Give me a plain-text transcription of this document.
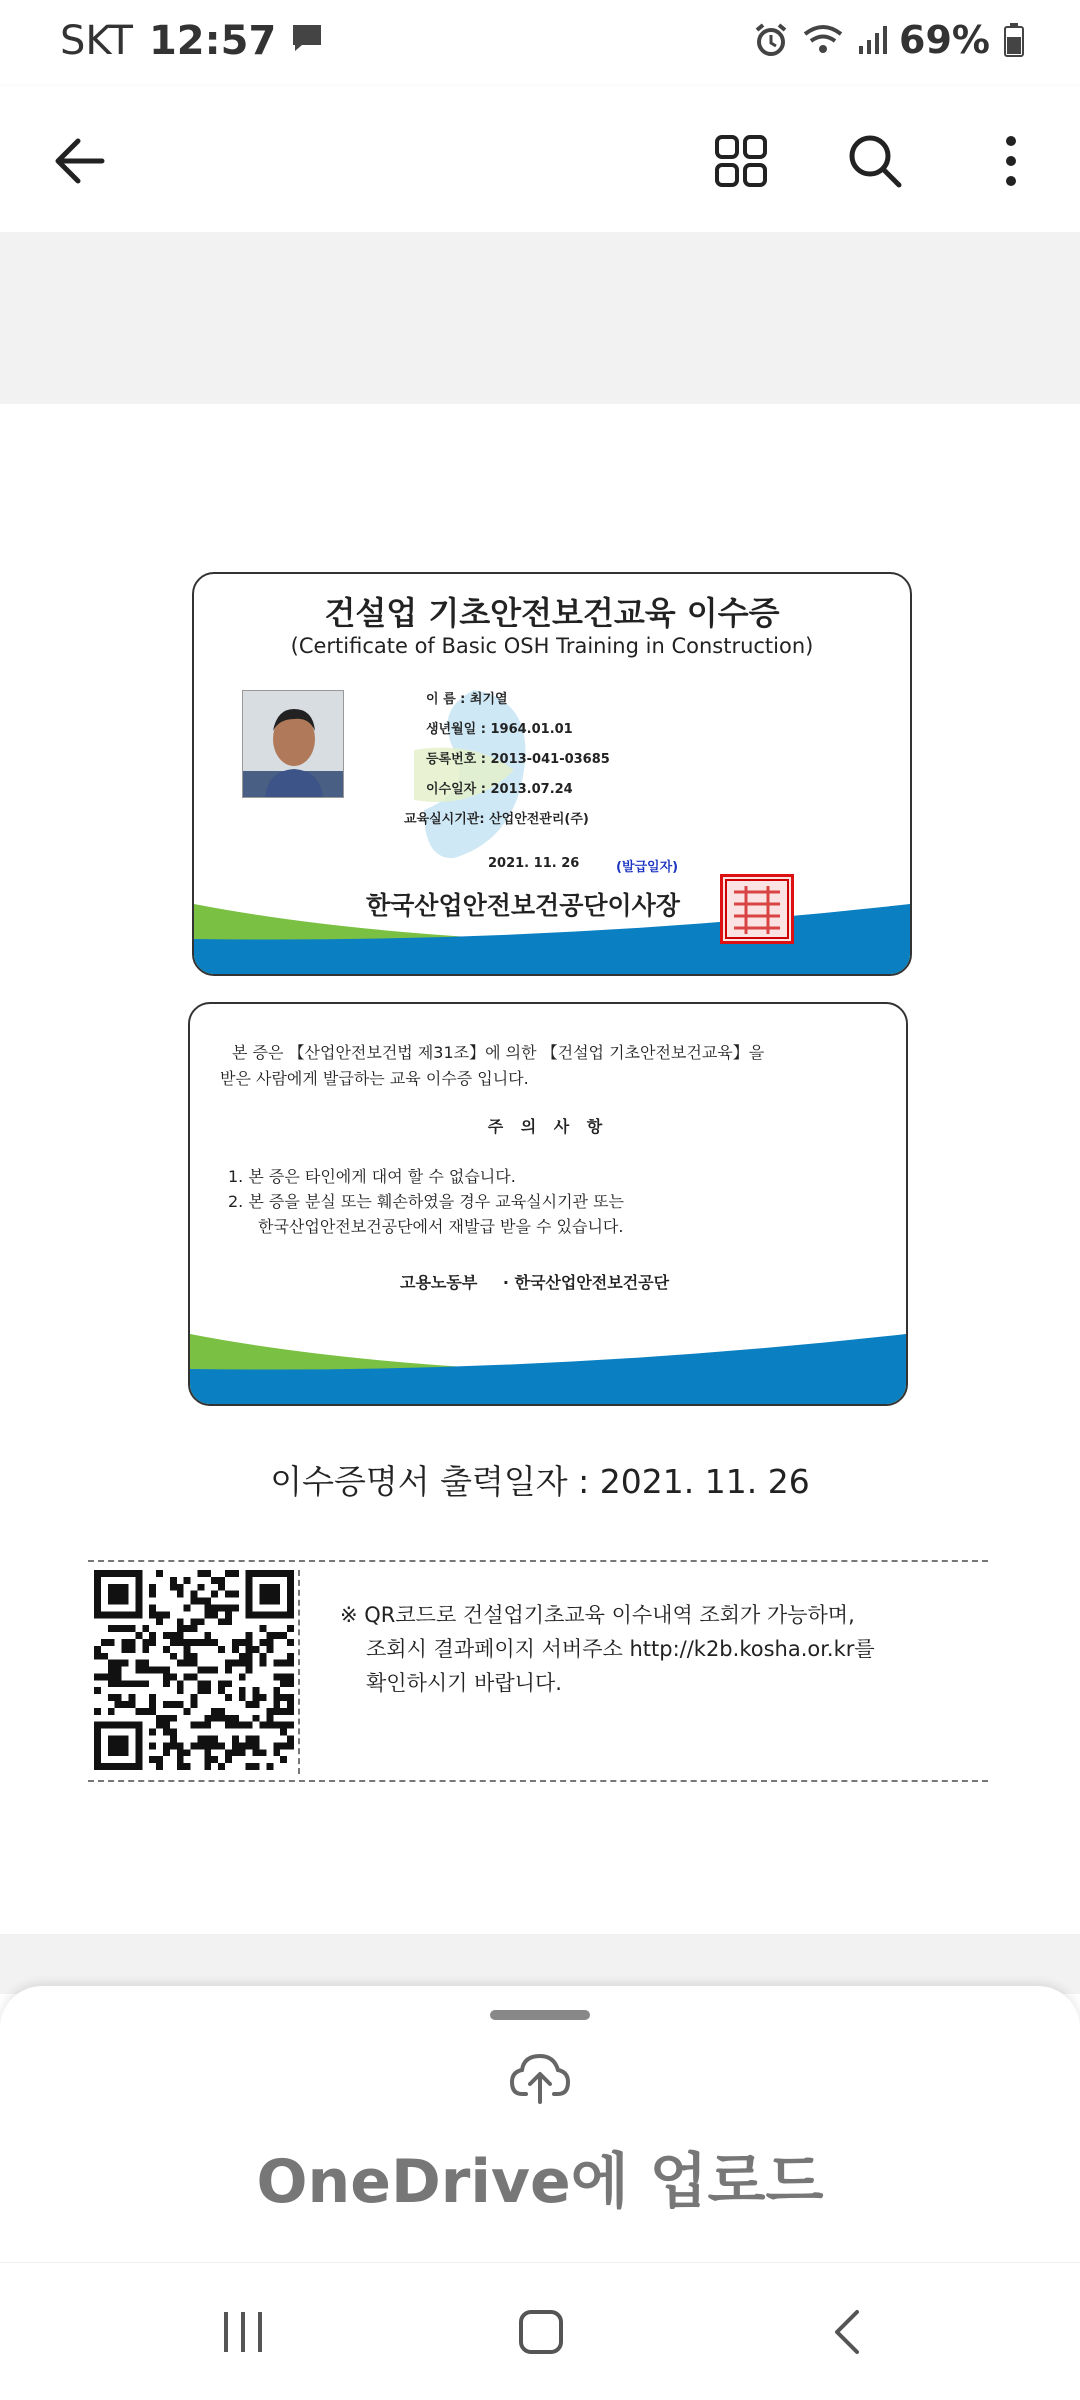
SKT 12:57	69%
건설업 기초안전보건교육 이수증
(Certificate of Basic OSH Training in Construction)
이 름 : 최기열
생년월일 : 1964.01.01
등록번호 : 2013-041-03685
이수일자 : 2013.07.24
교육실시기관: 산업안전관리(주)
2021. 11. 26	(발급일자)
한국산업안전보건공단이사장
본 증은 【산업안전보건법 제31조】에 의한 【건설업 기초안전보건교육】을
받은 사람에게 발급하는 교육 이수증 입니다.
주 의 사 항
1. 본 증은 타인에게 대여 할 수 없습니다.
2. 본 증을 분실 또는 훼손하였을 경우 교육실시기관 또는
한국산업안전보건공단에서 재발급 받을 수 있습니다.
고용노동부 · 한국산업안전보건공단
이수증명서 출력일자 : 2021. 11. 26
※ QR코드로 건설업기초교육 이수내역 조회가 가능하며,
조회시 결과페이지 서버주소 http://k2b.kosha.or.kr를
확인하시기 바랍니다.
OneDrive에 업로드
